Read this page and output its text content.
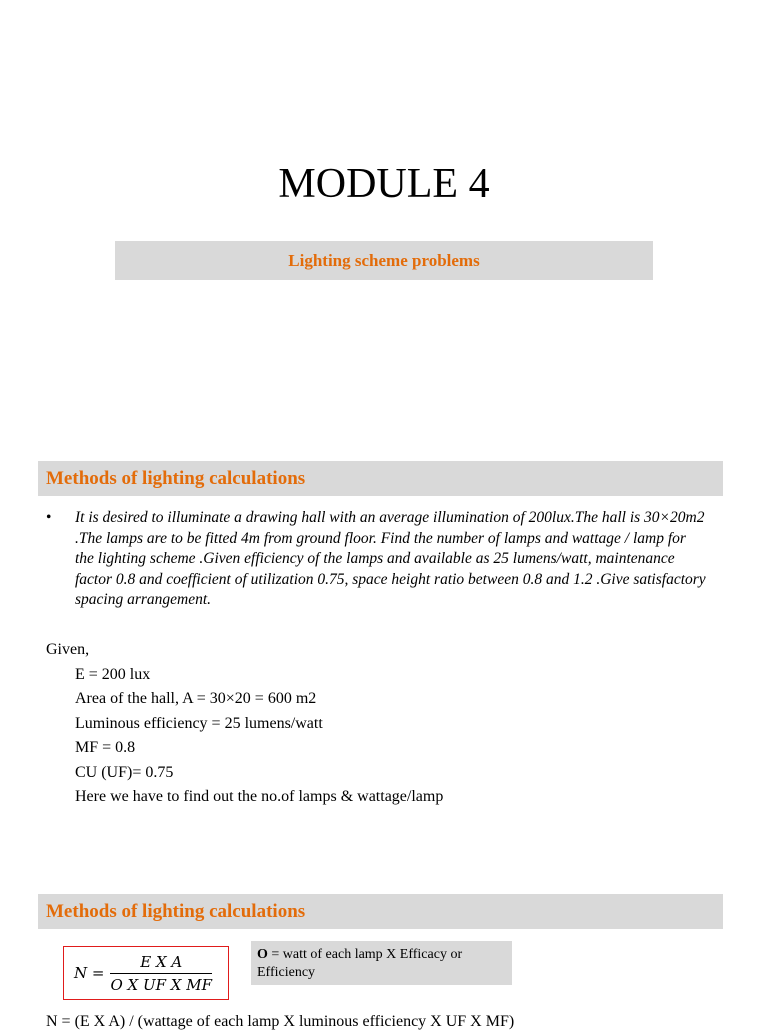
MODULE 4
Lighting scheme problems
Methods of lighting calculations
•	It is desired to illuminate a drawing hall with an average illumination of 200lux.The hall is 30×20m2 .The lamps are to be fitted 4m from ground floor. Find the number of lamps and wattage / lamp for the lighting scheme .Given efficiency of the lamps and available as 25 lumens/watt, maintenance factor 0.8 and coefficient of utilization 0.75, space height ratio between 0.8 and 1.2 .Give satisfactory spacing arrangement.
Given,
E = 200 lux
Area of the hall, A = 30×20 = 600 m2
Luminous efficiency = 25 lumens/watt
MF = 0.8
CU (UF)= 0.75
Here we have to find out the no.of lamps & wattage/lamp
Methods of lighting calculations
$N = \frac{\text{E X A}}{\text{O X UF X MF}}$	O = watt of each lamp X Efficacy or Efficiency
N = (E X A) / (wattage of each lamp X luminous efficiency X UF X MF)
